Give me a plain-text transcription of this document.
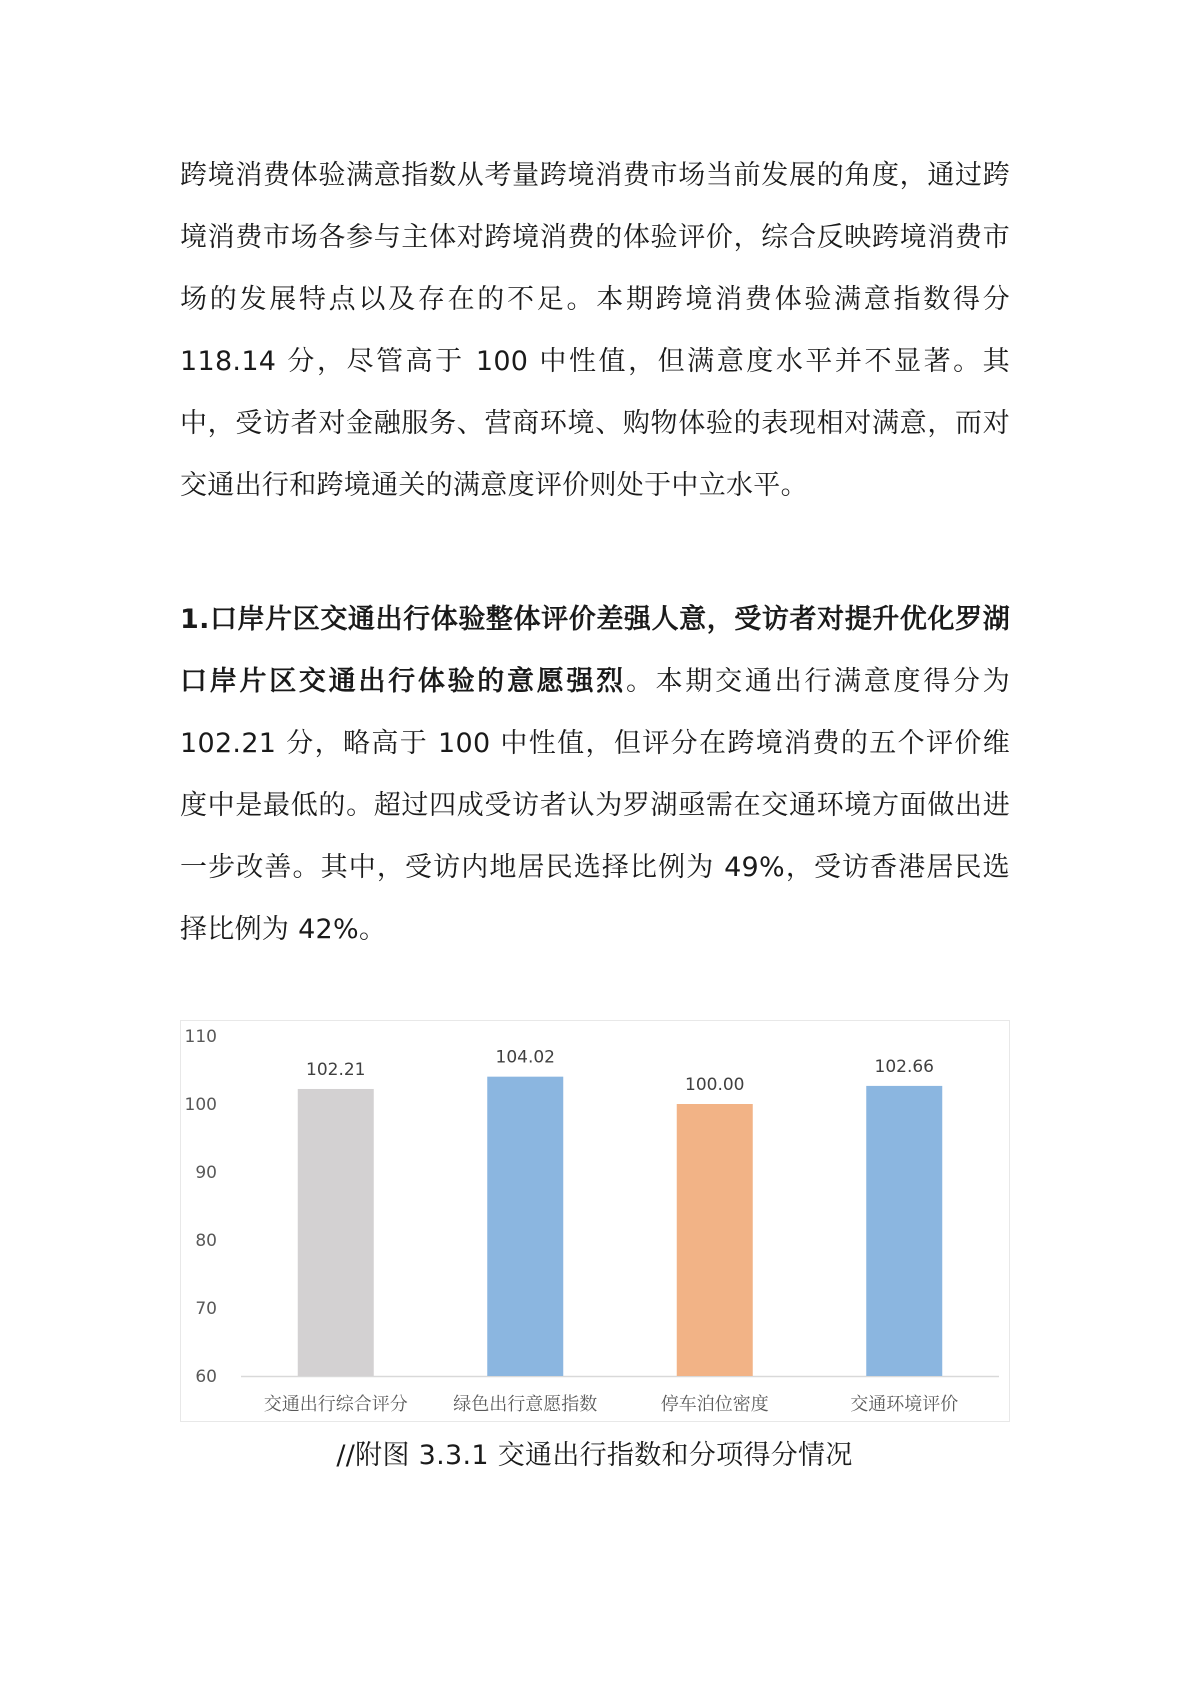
跨境消费体验满意指数从考量跨境消费市场当前发展的角度，通过跨境消费市场各参与主体对跨境消费的体验评价，综合反映跨境消费市场的发展特点以及存在的不足。本期跨境消费体验满意指数得分 118.14 分，尽管高于 100 中性值，但满意度水平并不显著。其中，受访者对金融服务、营商环境、购物体验的表现相对满意，而对交通出行和跨境通关的满意度评价则处于中立水平。

1.口岸片区交通出行体验整体评价差强人意，受访者对提升优化罗湖口岸片区交通出行体验的意愿强烈。本期交通出行满意度得分为 102.21 分，略高于 100 中性值，但评分在跨境消费的五个评价维度中是最低的。超过四成受访者认为罗湖亟需在交通环境方面做出进一步改善。其中，受访内地居民选择比例为 49%，受访香港居民选择比例为 42%。

60
70
80
90
100
110
102.21
交通出行综合评分
104.02
绿色出行意愿指数
100.00
停车泊位密度
102.66
交通环境评价
//附图 3.3.1 交通出行指数和分项得分情况
